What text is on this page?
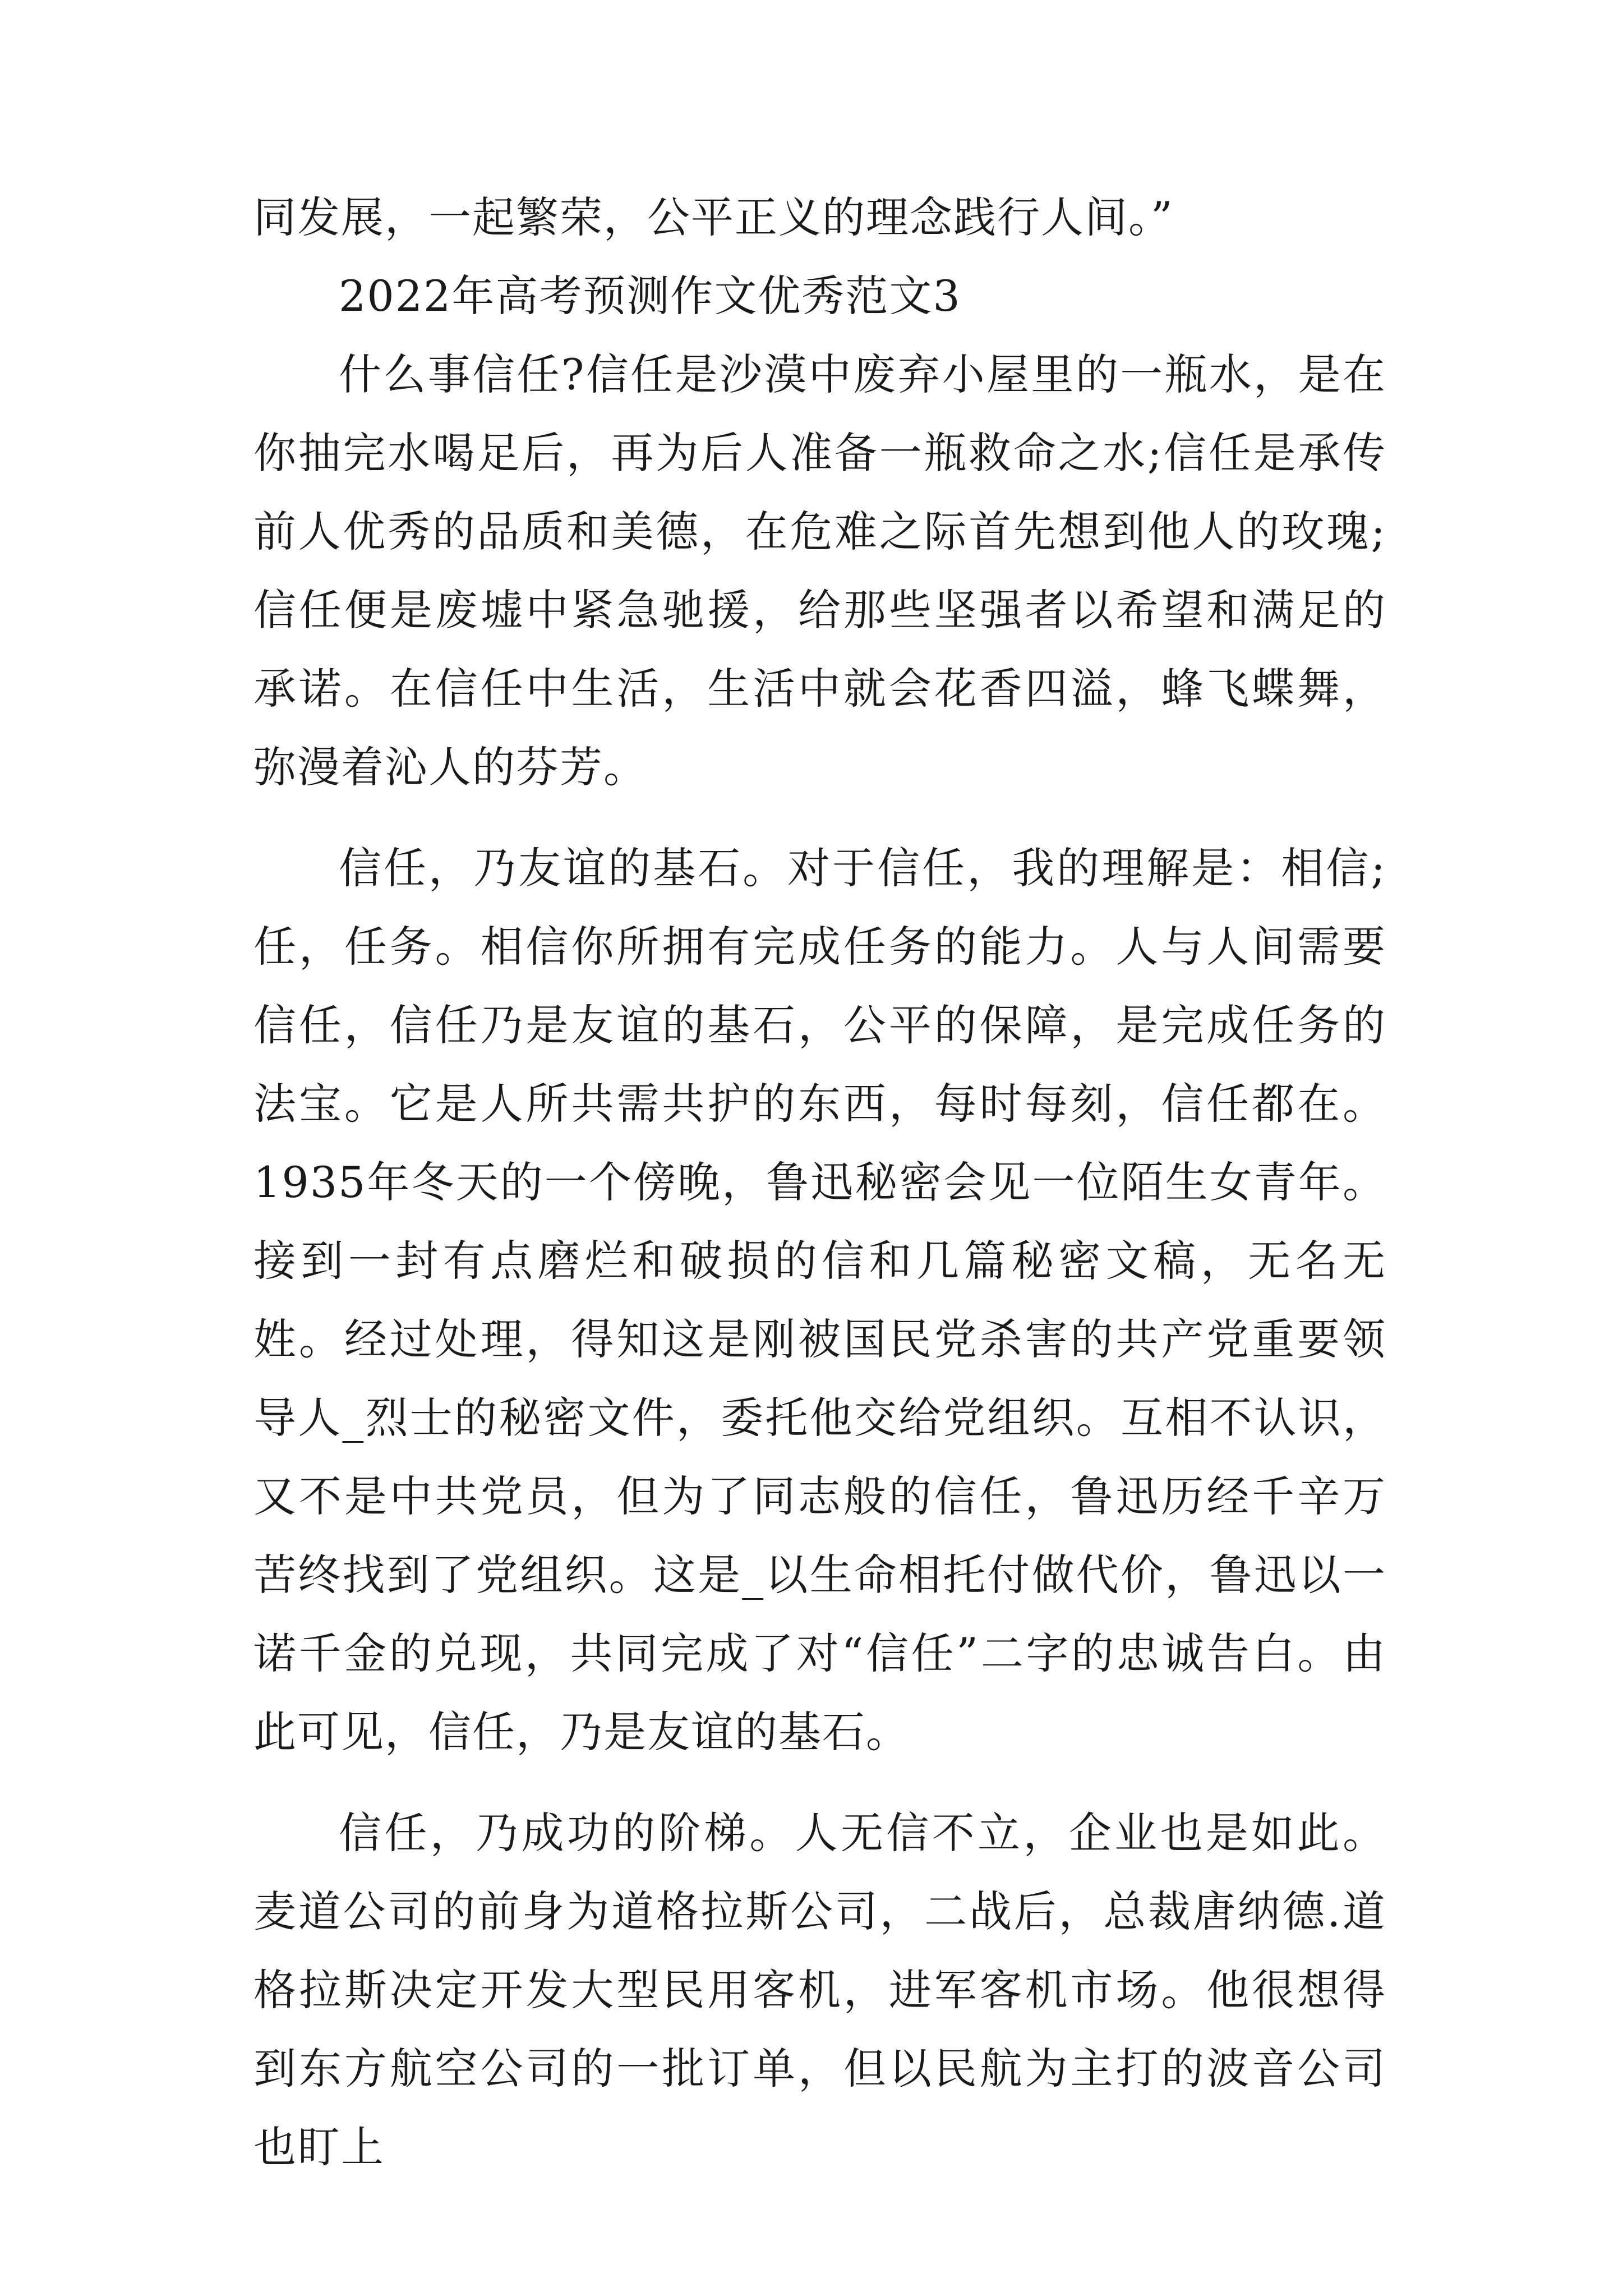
同发展，一起繁荣，公平正义的理念践行人间。”

2022年高考预测作文优秀范文3

什么事信任?信任是沙漠中废弃小屋里的一瓶水，是在你抽完水喝足后，再为后人准备一瓶救命之水;信任是承传前人优秀的品质和美德，在危难之际首先想到他人的玫瑰;信任便是废墟中紧急驰援，给那些坚强者以希望和满足的承诺。在信任中生活，生活中就会花香四溢，蜂飞蝶舞，弥漫着沁人的芬芳。

信任，乃友谊的基石。对于信任，我的理解是：相信;任，任务。相信你所拥有完成任务的能力。人与人间需要信任，信任乃是友谊的基石，公平的保障，是完成任务的法宝。它是人所共需共护的东西，每时每刻，信任都在。1935年冬天的一个傍晚，鲁迅秘密会见一位陌生女青年。接到一封有点磨烂和破损的信和几篇秘密文稿，无名无姓。经过处理，得知这是刚被国民党杀害的共产党重要领导人_烈士的秘密文件，委托他交给党组织。互相不认识，又不是中共党员，但为了同志般的信任，鲁迅历经千辛万苦终找到了党组织。这是_以生命相托付做代价，鲁迅以一诺千金的兑现，共同完成了对“信任”二字的忠诚告白。由此可见，信任，乃是友谊的基石。

信任，乃成功的阶梯。人无信不立，企业也是如此。麦道公司的前身为道格拉斯公司，二战后，总裁唐纳德.道格拉斯决定开发大型民用客机，进军客机市场。他很想得到东方航空公司的一批订单，但以民航为主打的波音公司也盯上
